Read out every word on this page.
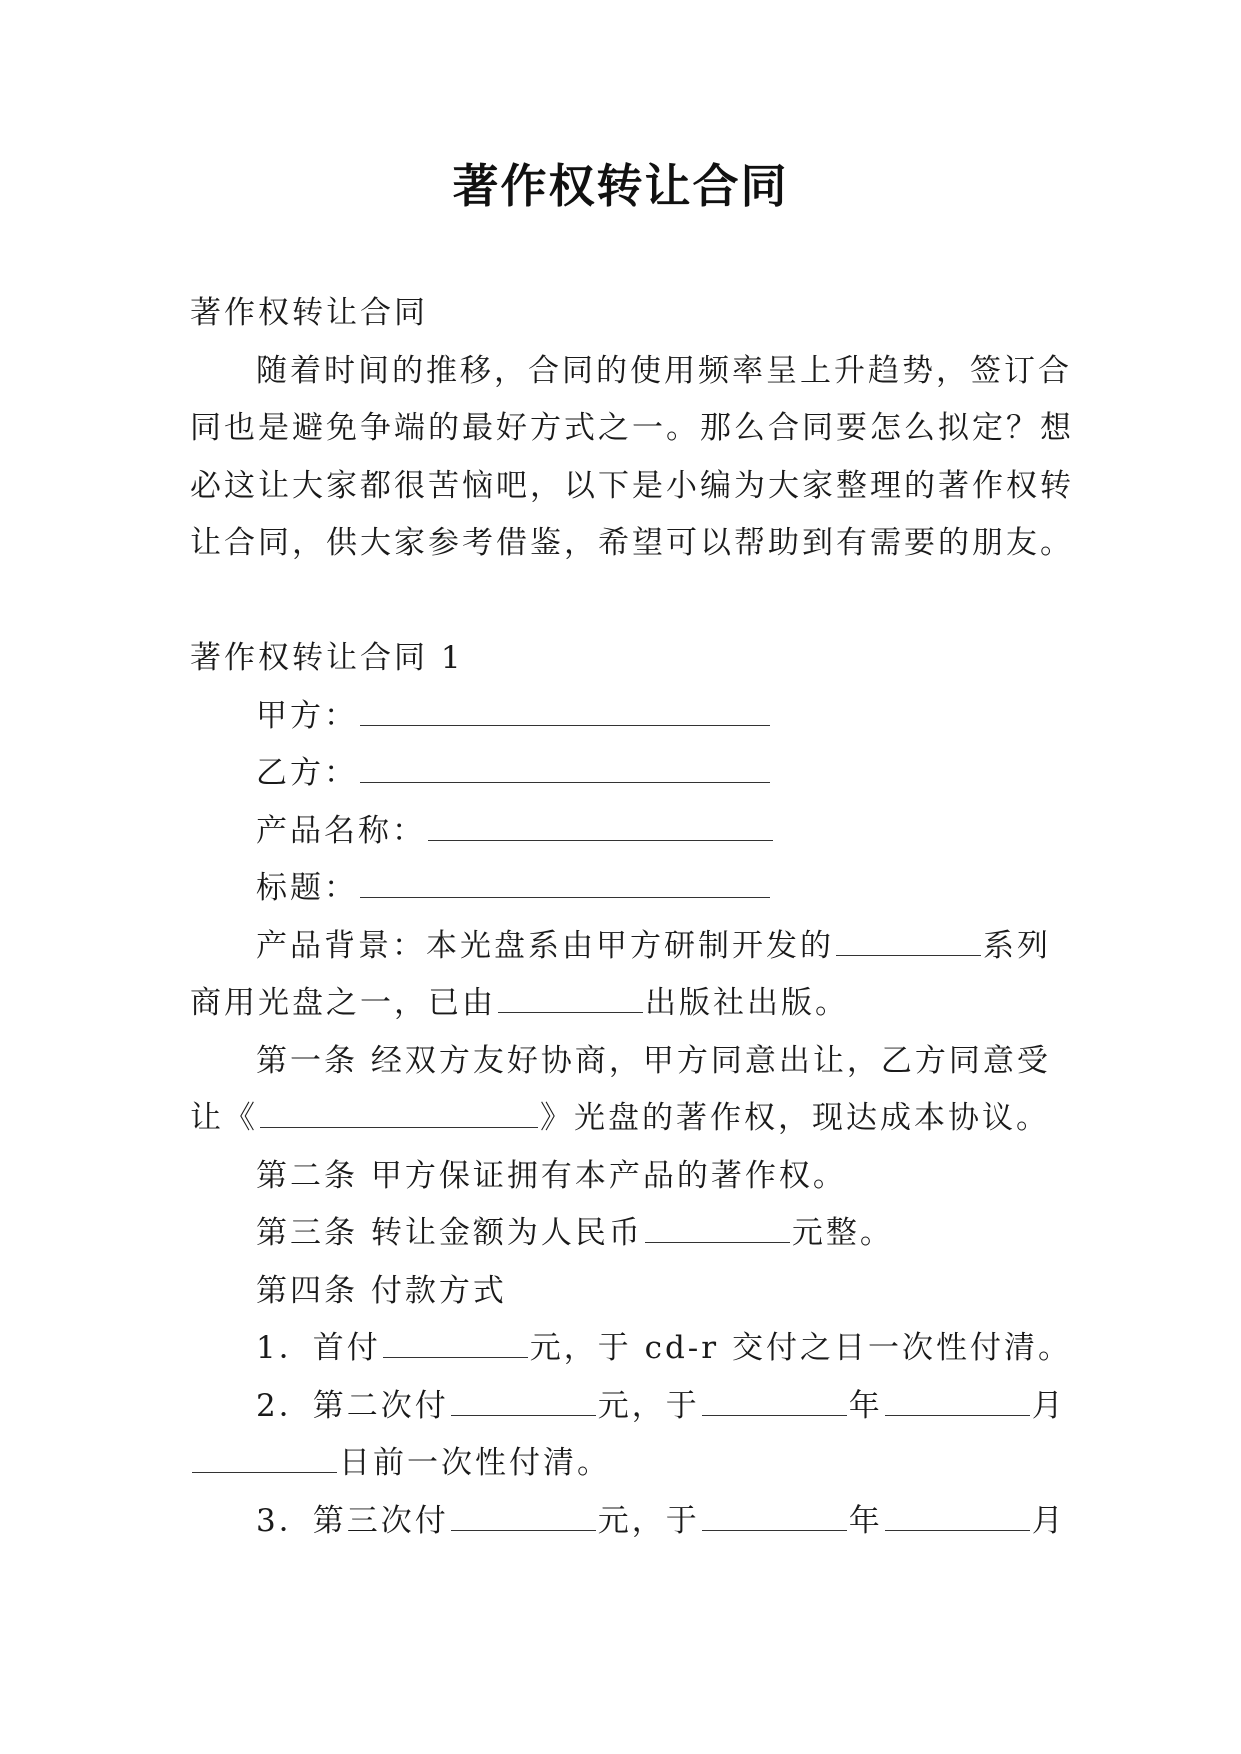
著作权转让合同

著作权转让合同

随着时间的推移，合同的使用频率呈上升趋势，签订合

同也是避免争端的最好方式之一。那么合同要怎么拟定？想

必这让大家都很苦恼吧，以下是小编为大家整理的著作权转

让合同，供大家参考借鉴，希望可以帮助到有需要的朋友。

著作权转让合同 1

甲方：

乙方：

产品名称：

标题：

产品背景：本光盘系由甲方研制开发的	系列

商用光盘之一，已由	出版社出版。

第一条 经双方友好协商，甲方同意出让，乙方同意受

让《	》光盘的著作权，现达成本协议。

第二条 甲方保证拥有本产品的著作权。

第三条 转让金额为人民币	元整。

第四条 付款方式

1．首付	元，于 cd-r 交付之日一次性付清。

2．第二次付	元，于	年	月

日前一次性付清。

3．第三次付	元，于	年	月
